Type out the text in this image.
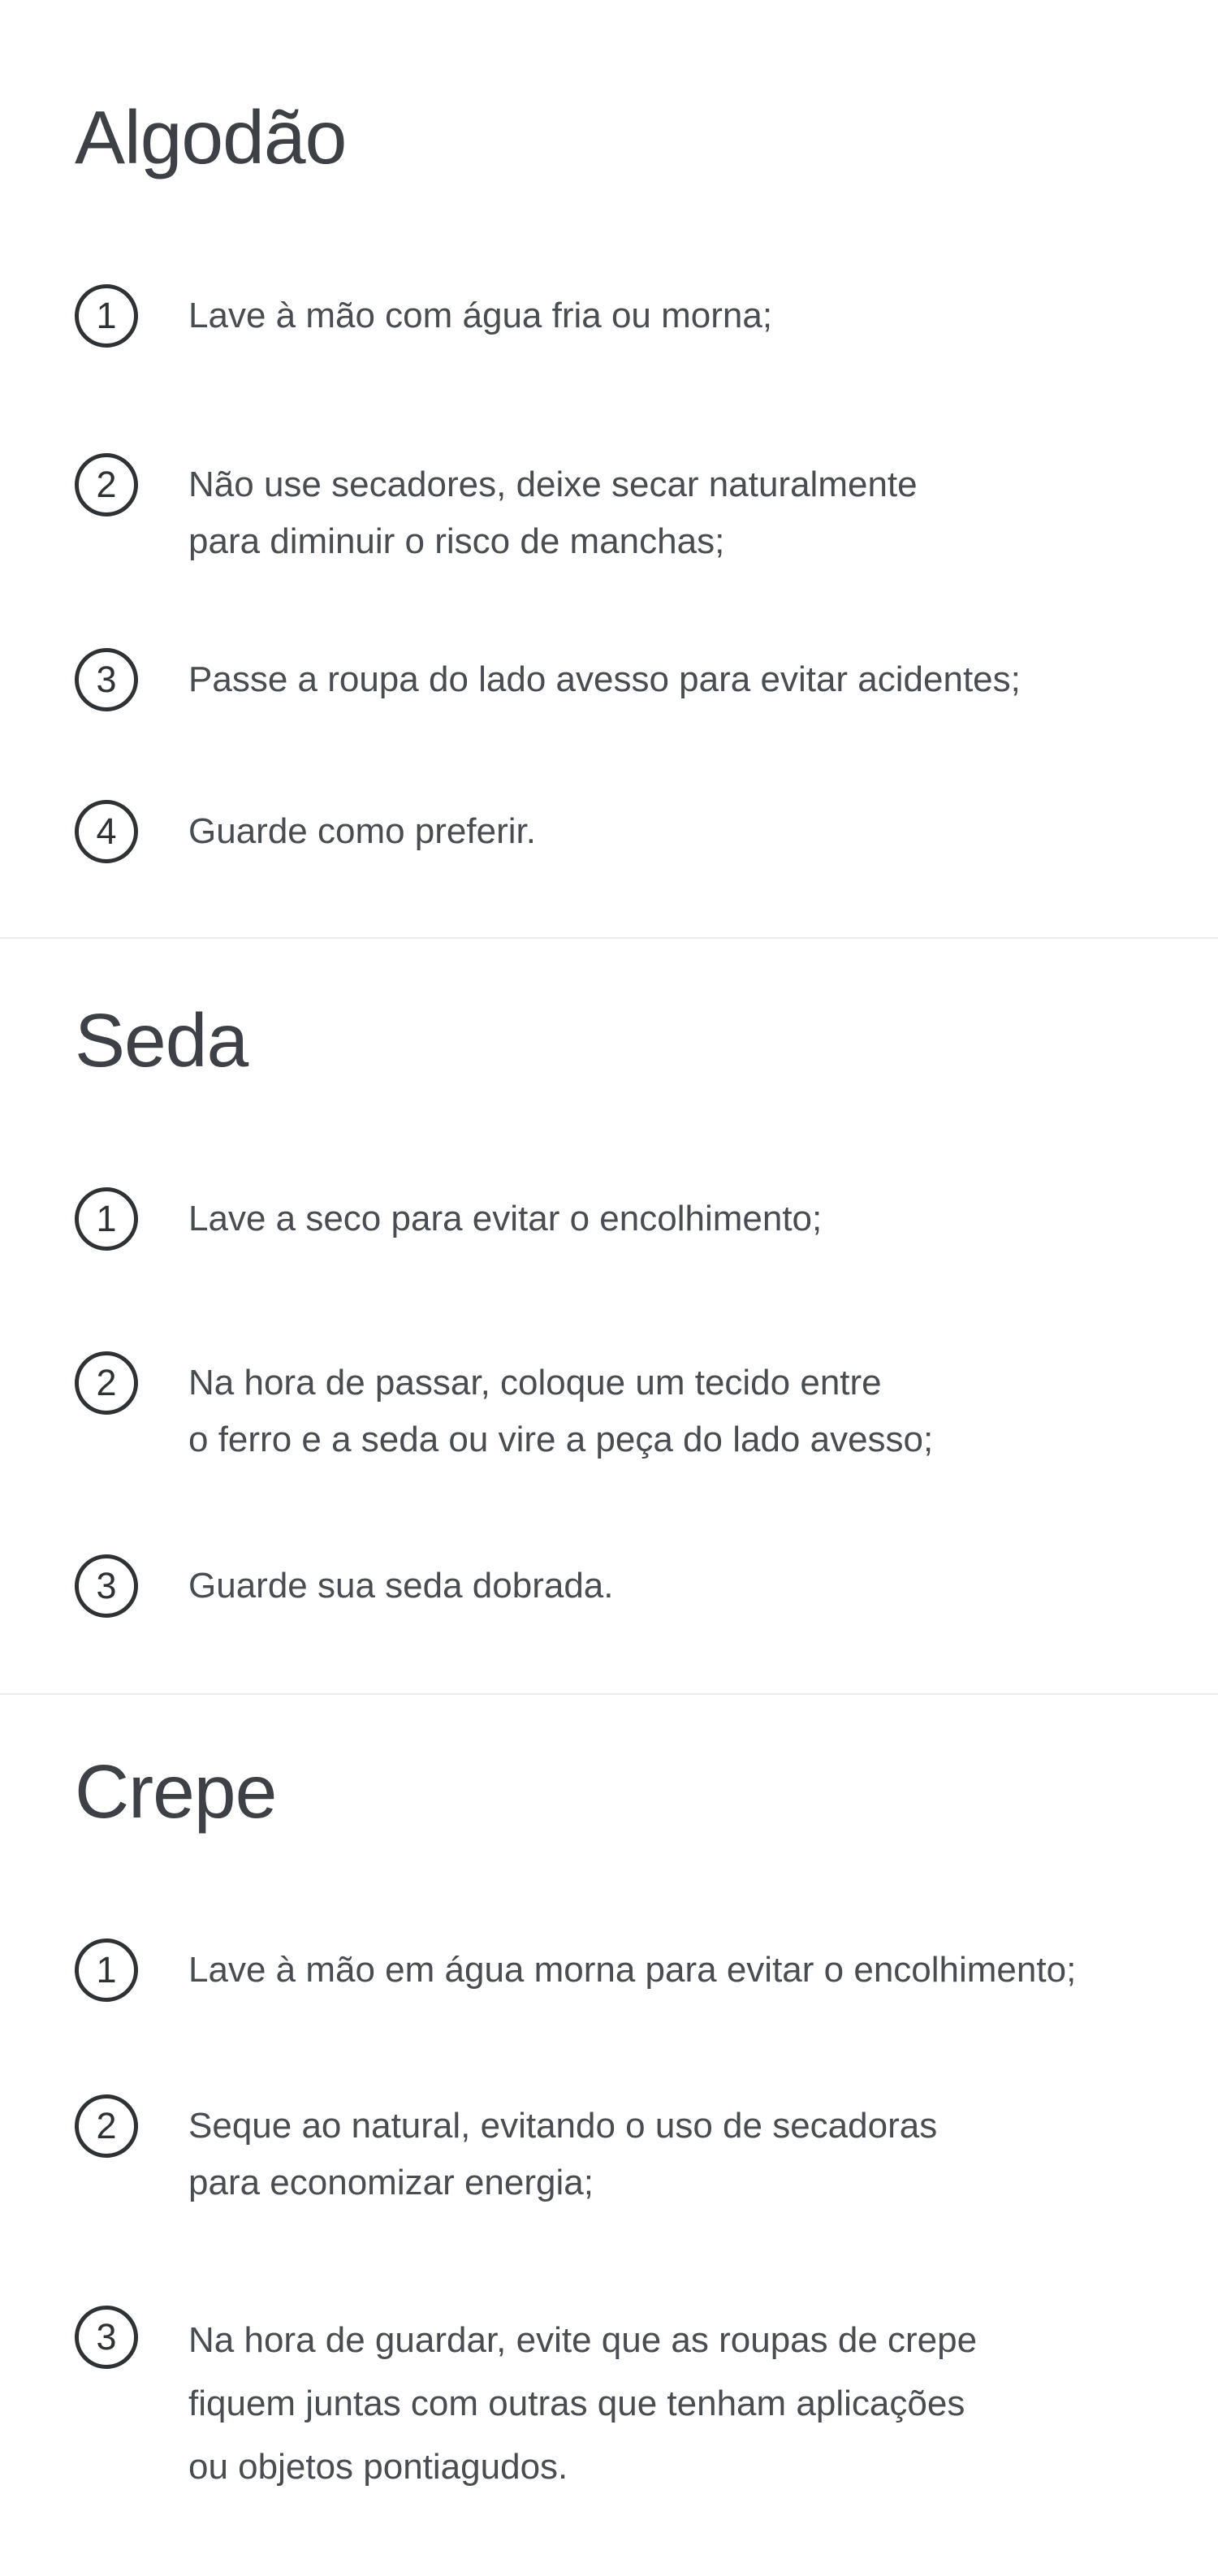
Algodão
1 Lave à mão com água fria ou morna;
2 Não use secadores, deixe secar naturalmente
para diminuir o risco de manchas;
3 Passe a roupa do lado avesso para evitar acidentes;
4 Guarde como preferir.
Seda
1 Lave a seco para evitar o encolhimento;
2 Na hora de passar, coloque um tecido entre
o ferro e a seda ou vire a peça do lado avesso;
3 Guarde sua seda dobrada.
Crepe
1 Lave à mão em água morna para evitar o encolhimento;
2 Seque ao natural, evitando o uso de secadoras
para economizar energia;
3 Na hora de guardar, evite que as roupas de crepe
fiquem juntas com outras que tenham aplicações
ou objetos pontiagudos.
